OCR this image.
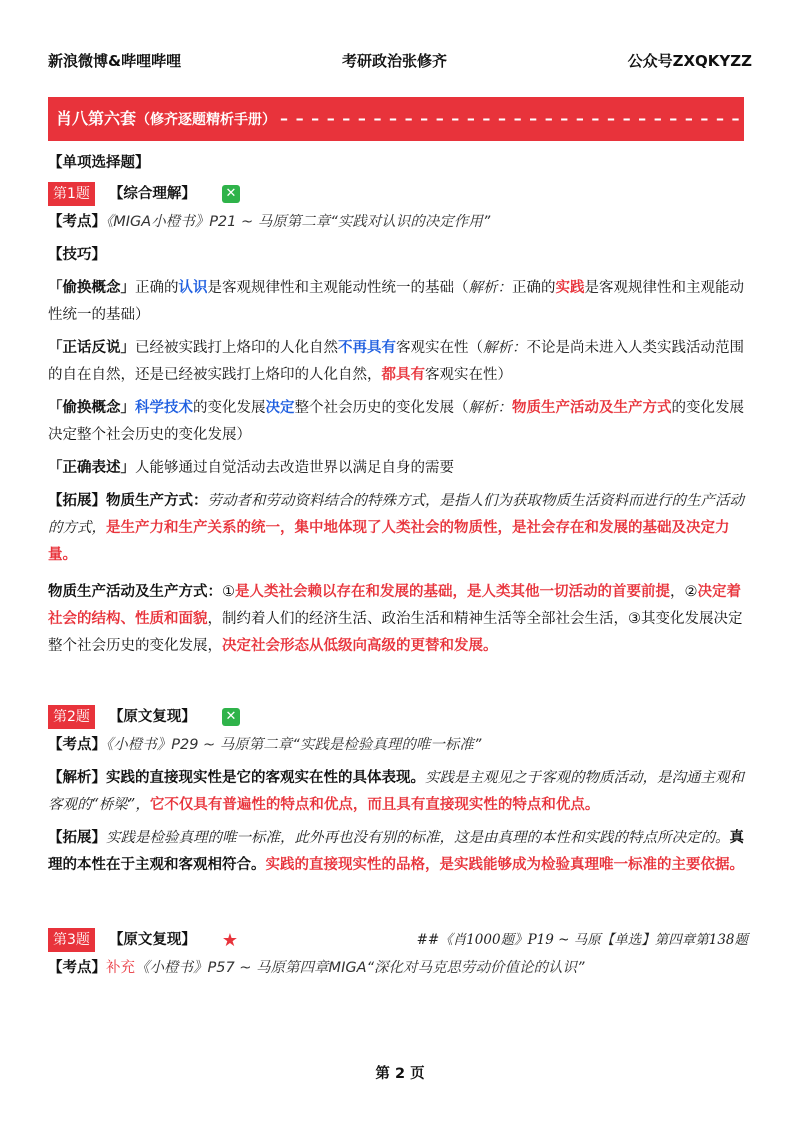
新浪微博&哔哩哔哩	考研政治张修齐	公众号ZXQKYZZ
肖八第六套（修齐逐题精析手册） – – – – – – – – – – – – – – – – – – – – – – – – – – – – – – – – – –

【单项选择题】

第1题	【综合理解】 ✕

【考点】《MIGA小橙书》P21 ~ 马原第二章“实践对认识的决定作用”

【技巧】

「偷换概念」正确的认识是客观规律性和主观能动性统一的基础（解析：正确的实践是客观规律性和主观能动性统一的基础）

「正话反说」已经被实践打上烙印的人化自然不再具有客观实在性（解析：不论是尚未进入人类实践活动范围的自在自然，还是已经被实践打上烙印的人化自然，都具有客观实在性）

「偷换概念」科学技术的变化发展决定整个社会历史的变化发展（解析：物质生产活动及生产方式的变化发展决定整个社会历史的变化发展）

「正确表述」人能够通过自觉活动去改造世界以满足自身的需要

【拓展】物质生产方式：劳动者和劳动资料结合的特殊方式，是指人们为获取物质生活资料而进行的生产活动的方式，是生产力和生产关系的统一，集中地体现了人类社会的物质性，是社会存在和发展的基础及决定力量。

物质生产活动及生产方式：①是人类社会赖以存在和发展的基础，是人类其他一切活动的首要前提，②决定着社会的结构、性质和面貌，制约着人们的经济生活、政治生活和精神生活等全部社会生活，③其变化发展决定整个社会历史的变化发展，决定社会形态从低级向高级的更替和发展。

第2题	【原文复现】 ✕

【考点】《小橙书》P29 ~ 马原第二章“实践是检验真理的唯一标准”

【解析】实践的直接现实性是它的客观实在性的具体表现。实践是主观见之于客观的物质活动，是沟通主观和客观的“桥梁”，它不仅具有普遍性的特点和优点，而且具有直接现实性的特点和优点。

【拓展】实践是检验真理的唯一标准，此外再也没有别的标准，这是由真理的本性和实践的特点所决定的。真理的本性在于主观和客观相符合。实践的直接现实性的品格，是实践能够成为检验真理唯一标准的主要依据。

第3题	【原文复现】 ★	##《肖1000题》P19 ~ 马原【单选】第四章第138题

【考点】补充《小橙书》P57 ~ 马原第四章MIGA“深化对马克思劳动价值论的认识”

第 2 页
